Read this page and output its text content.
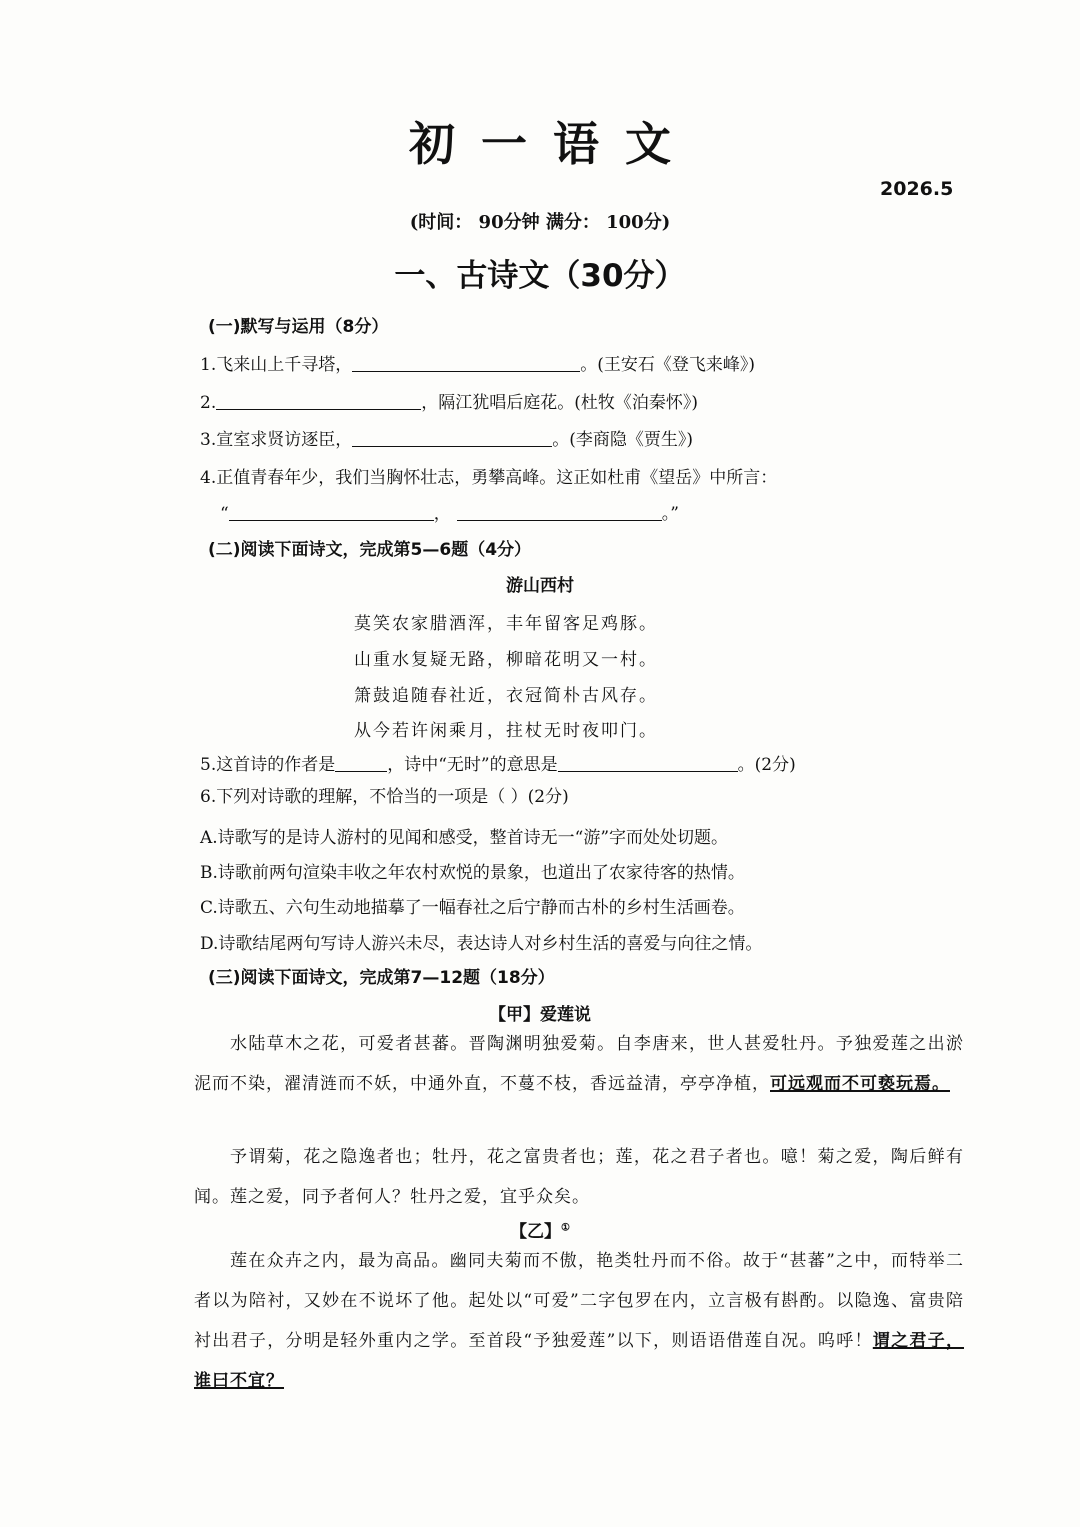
初一语文
2026.5
(时间： 90分钟 满分： 100分)
一、古诗文（30分）
(一)默写与运用（8分）
1.飞来山上千寻塔，	。(王安石《登飞来峰》)
2.	，隔江犹唱后庭花。(杜牧《泊秦怀》)
3.宣室求贤访逐臣，	。(李商隐《贾生》)
4.正值青春年少，我们当胸怀壮志，勇攀高峰。这正如杜甫《望岳》中所言：
“	，	。”
(二)阅读下面诗文，完成第5—6题（4分）
游山西村
莫笑农家腊酒浑，丰年留客足鸡豚。
山重水复疑无路，柳暗花明又一村。
箫鼓追随春社近，衣冠简朴古风存。
从今若许闲乘月，拄杖无时夜叩门。
5.这首诗的作者是	，诗中“无时”的意思是	。(2分)
6.下列对诗歌的理解，不恰当的一项是（ ）(2分)
A.诗歌写的是诗人游村的见闻和感受，整首诗无一“游”字而处处切题。
B.诗歌前两句渲染丰收之年农村欢悦的景象，也道出了农家待客的热情。
C.诗歌五、六句生动地描摹了一幅春社之后宁静而古朴的乡村生活画卷。
D.诗歌结尾两句写诗人游兴未尽，表达诗人对乡村生活的喜爱与向往之情。
(三)阅读下面诗文，完成第7—12题（18分）
【甲】爱莲说
水陆草木之花，可爱者甚蕃。晋陶渊明独爱菊。自李唐来，世人甚爱牡丹。予独爱莲之出淤泥而不染，濯清涟而不妖，中通外直，不蔓不枝，香远益清，亭亭净植，可远观而不可亵玩焉。
予谓菊，花之隐逸者也；牡丹，花之富贵者也；莲，花之君子者也。噫！菊之爱，陶后鲜有闻。莲之爱，同予者何人？牡丹之爱，宜乎众矣。
【乙】①
莲在众卉之内，最为高品。幽同夫菊而不傲，艳类牡丹而不俗。故于“甚蕃”之中，而特举二者以为陪衬，又妙在不说坏了他。起处以“可爱”二字包罗在内，立言极有斟酌。以隐逸、富贵陪衬出君子，分明是轻外重内之学。至首段“予独爱莲”以下，则语语借莲自况。呜呼！谓之君子，谁曰不宜？
